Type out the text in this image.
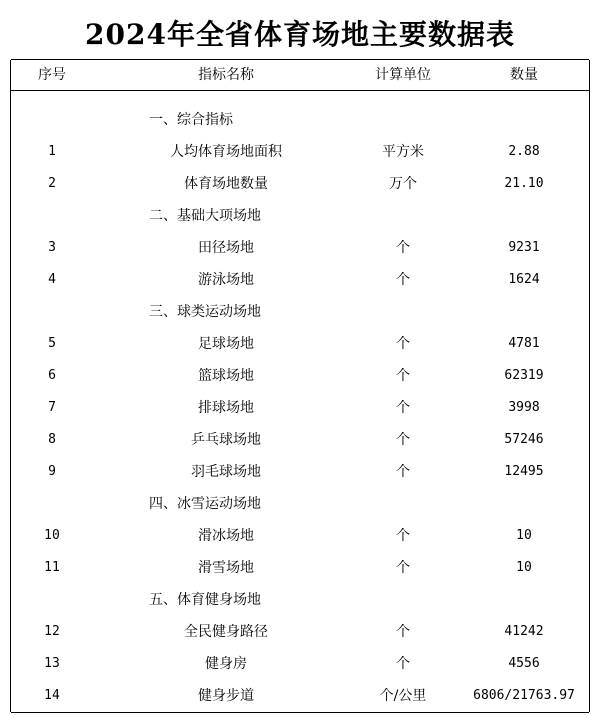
2024年全省体育场地主要数据表
序号	指标名称	计算单位	数量
一、综合指标
1	人均体育场地面积	平方米	2.88
2	体育场地数量	万个	21.10
二、基础大项场地
3	田径场地	个	9231
4	游泳场地	个	1624
三、球类运动场地
5	足球场地	个	4781
6	篮球场地	个	62319
7	排球场地	个	3998
8	乒乓球场地	个	57246
9	羽毛球场地	个	12495
四、冰雪运动场地
10	滑冰场地	个	10
11	滑雪场地	个	10
五、体育健身场地
12	全民健身路径	个	41242
13	健身房	个	4556
14	健身步道	个/公里	6806/21763.97
